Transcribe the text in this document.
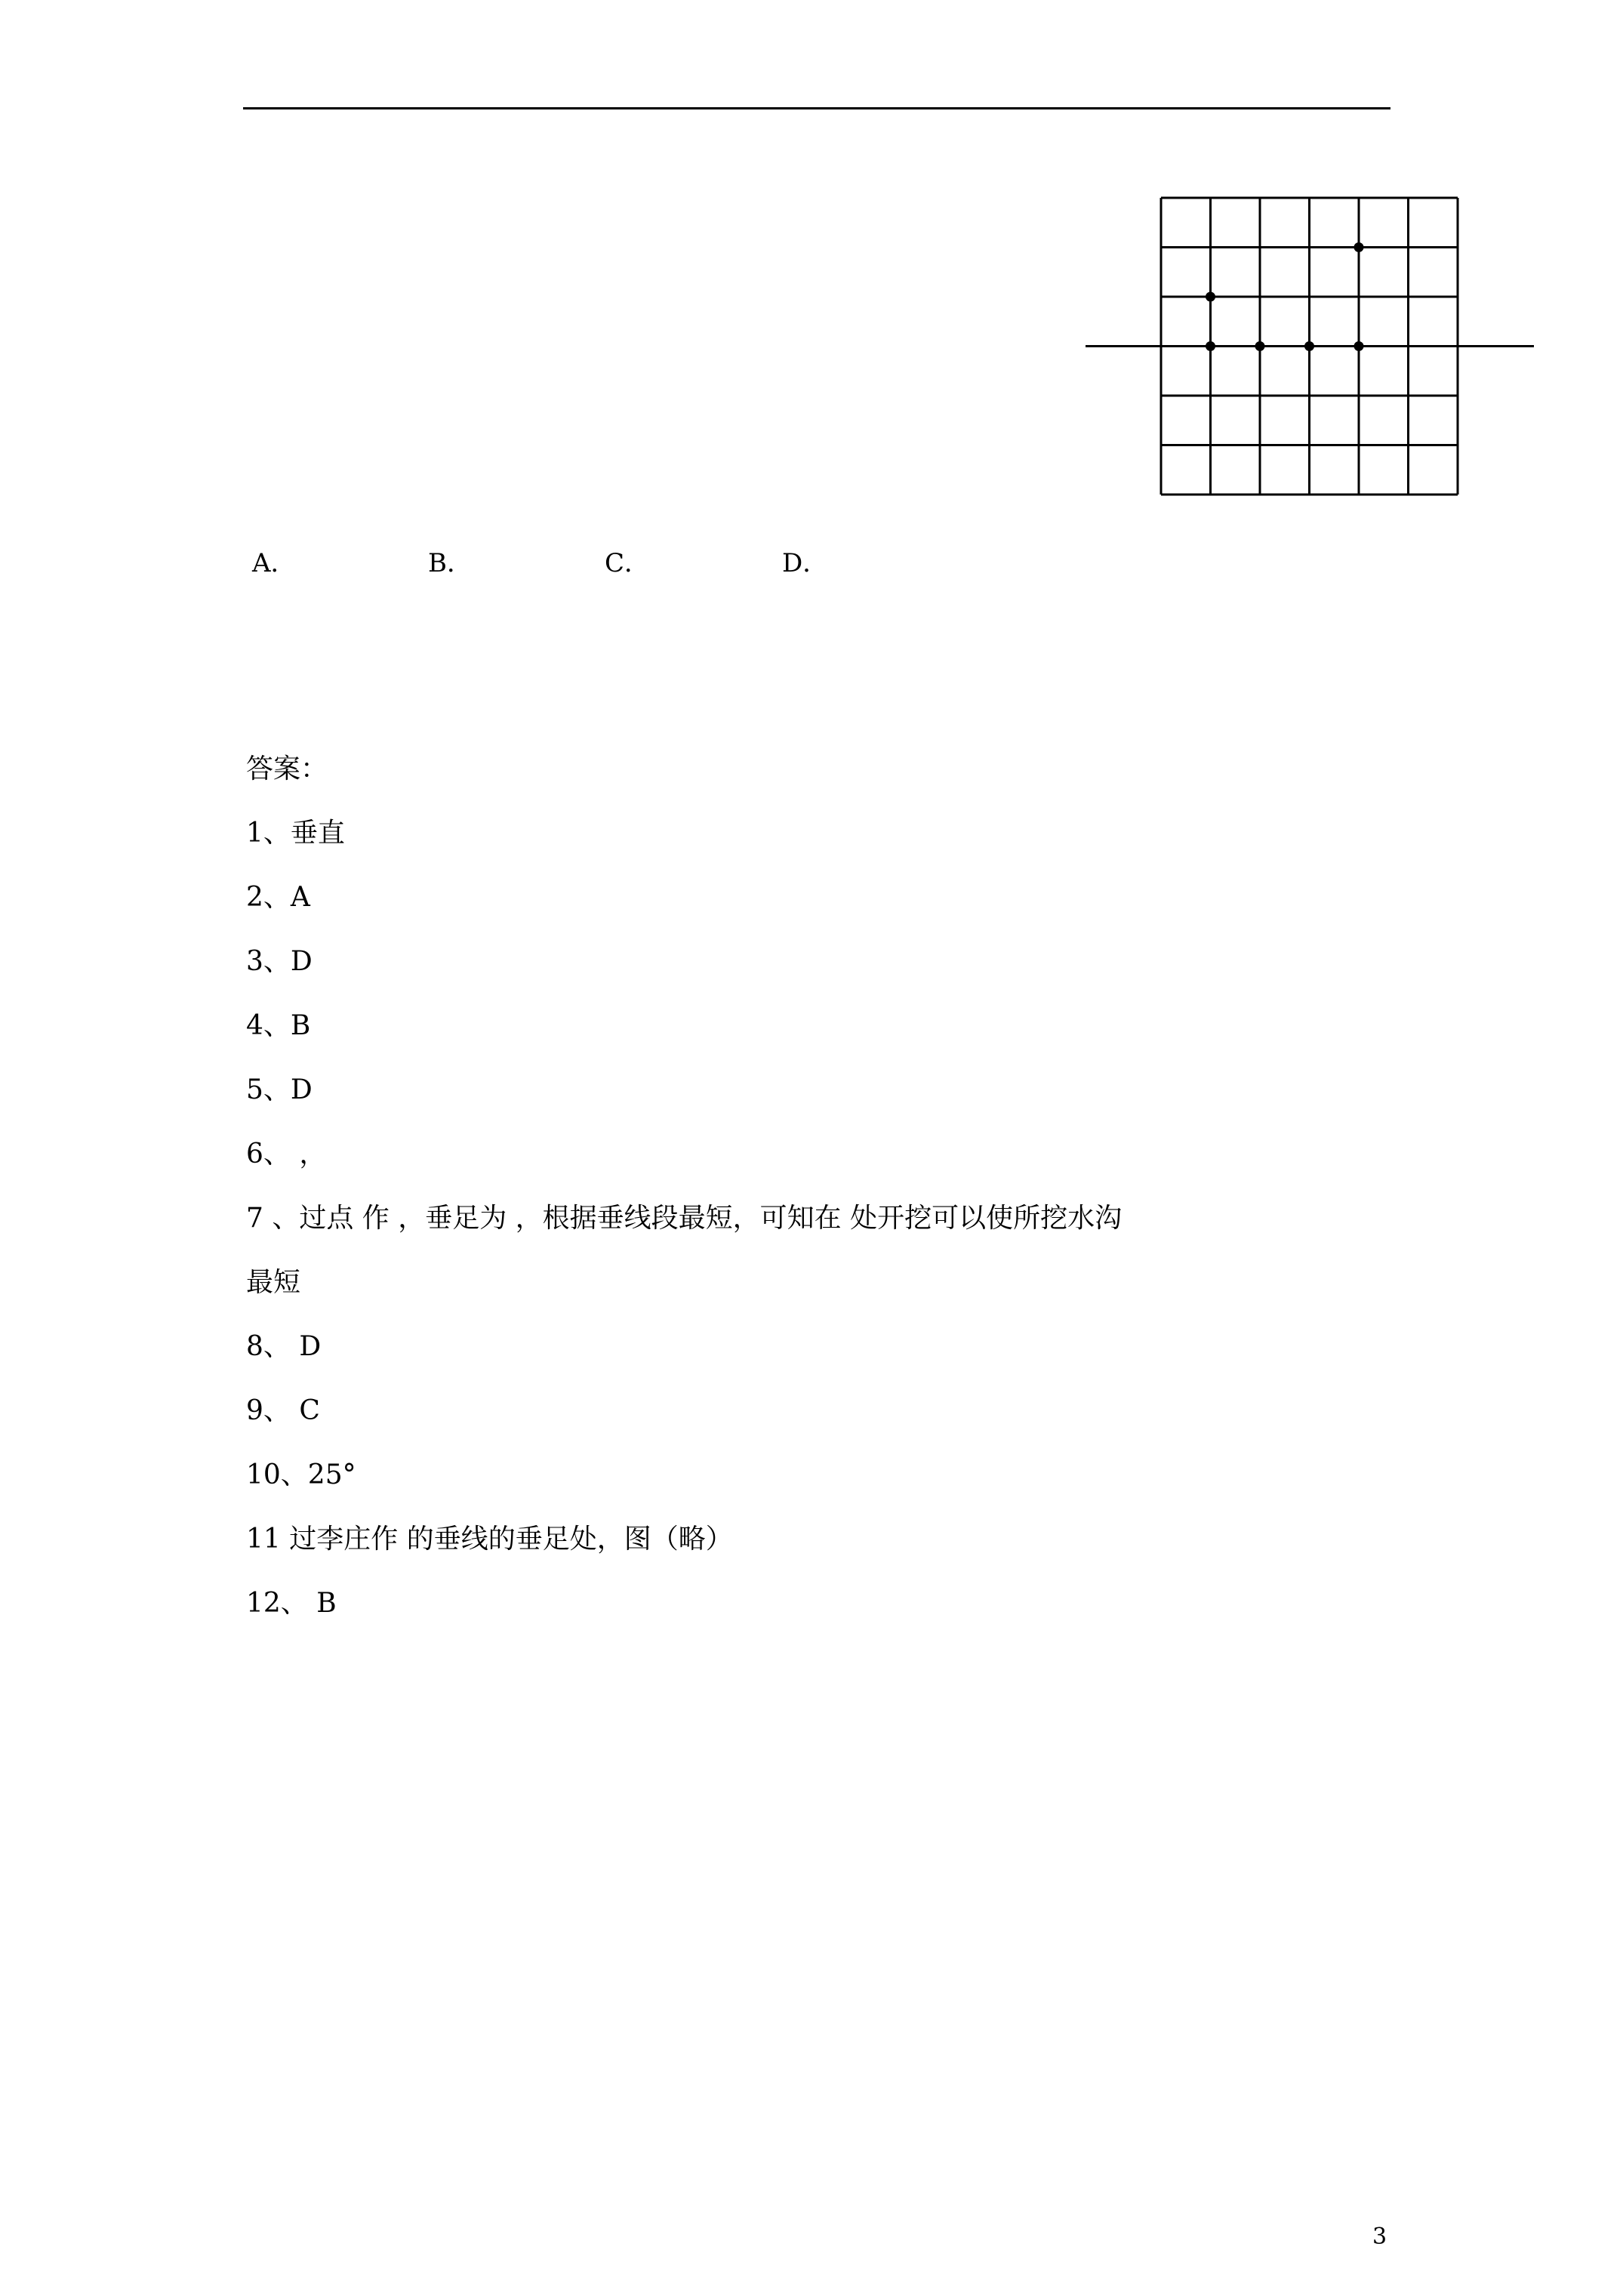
A．	B．	C．	D．
答案：
1、垂直
2、A
3、D
4、B
5、D
6、 ，
7 、过点 作 ，垂足为 ，根据垂线段最短，可知在 处开挖可以使所挖水沟
最短
8、 D
9、 C
10、25°
11 过李庄作 的垂线的垂足处，图（略）
12、 B
3
